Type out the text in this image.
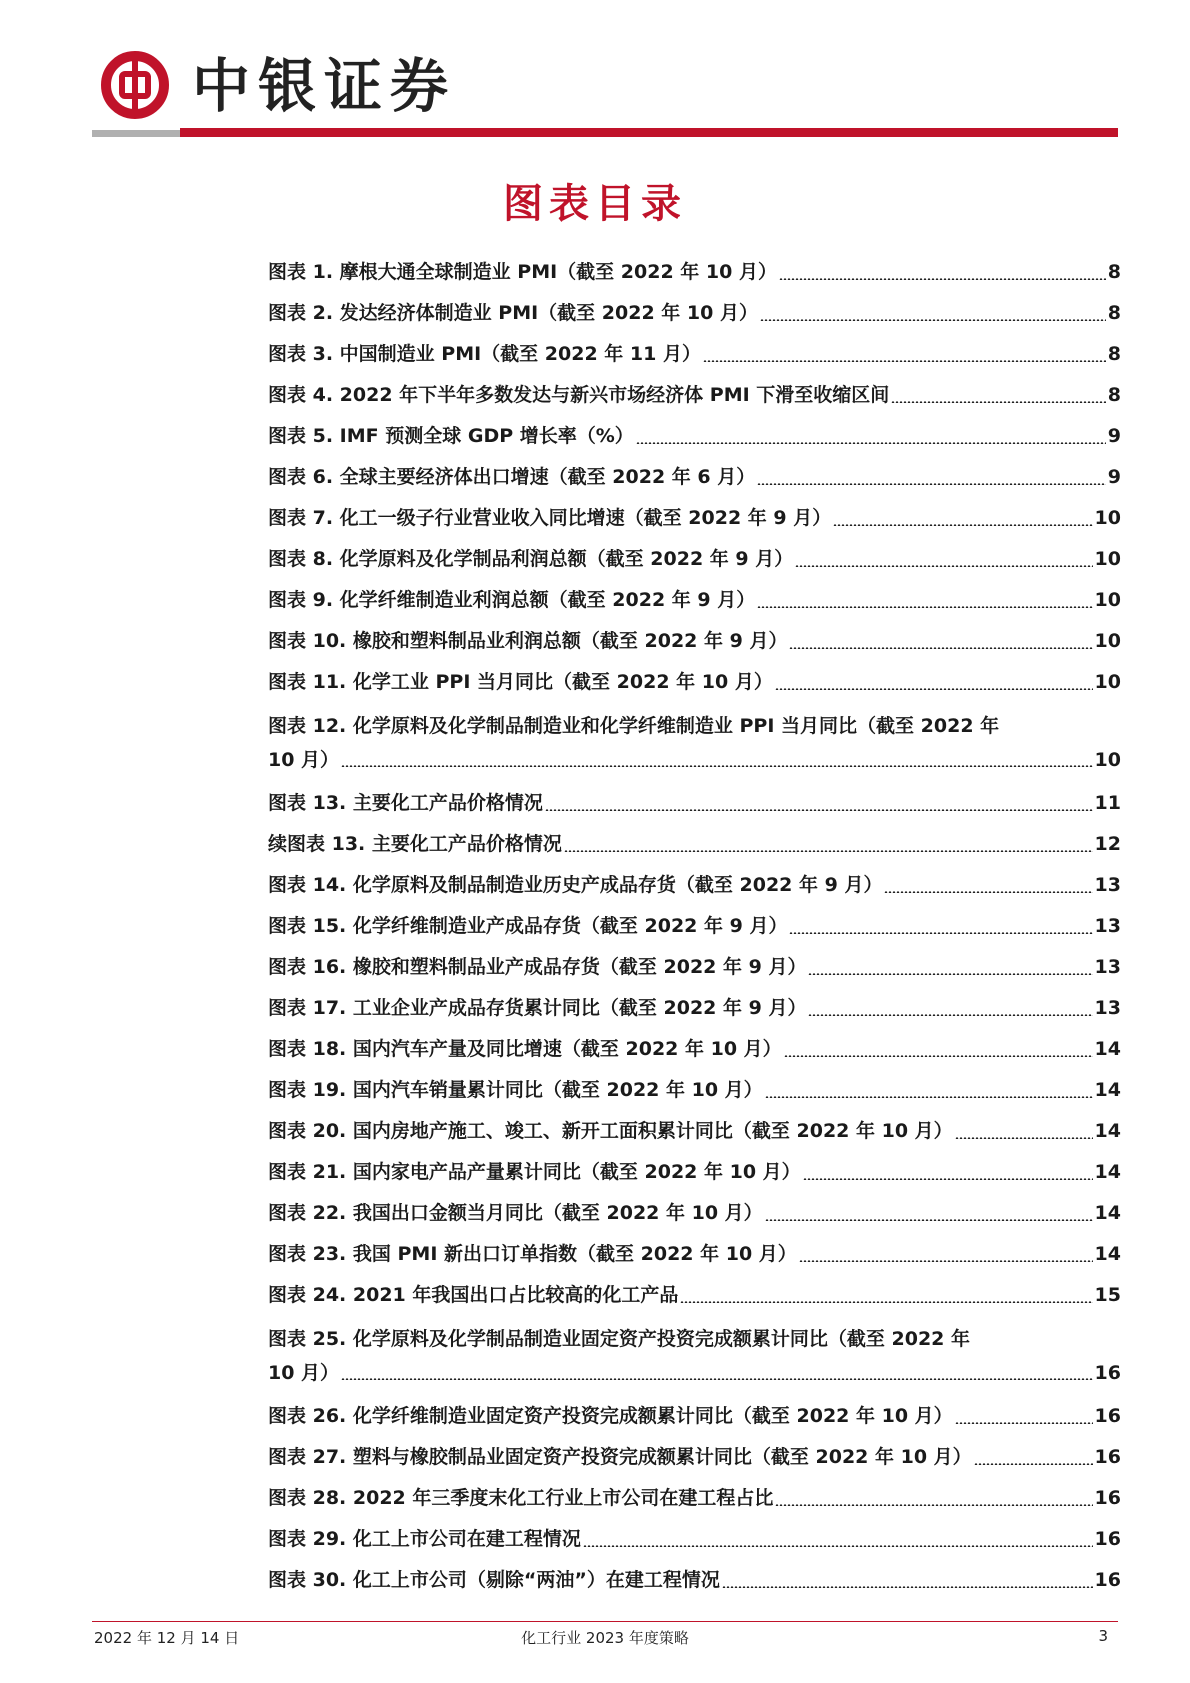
中银证券
图表目录
图表 1. 摩根大通全球制造业 PMI（截至 2022 年 10 月）	8
图表 2. 发达经济体制造业 PMI（截至 2022 年 10 月）	8
图表 3. 中国制造业 PMI（截至 2022 年 11 月）	8
图表 4. 2022 年下半年多数发达与新兴市场经济体 PMI 下滑至收缩区间	8
图表 5. IMF 预测全球 GDP 增长率（%）	9
图表 6. 全球主要经济体出口增速（截至 2022 年 6 月）	9
图表 7. 化工一级子行业营业收入同比增速（截至 2022 年 9 月）	10
图表 8. 化学原料及化学制品利润总额（截至 2022 年 9 月）	10
图表 9. 化学纤维制造业利润总额（截至 2022 年 9 月）	10
图表 10. 橡胶和塑料制品业利润总额（截至 2022 年 9 月）	10
图表 11. 化学工业 PPI 当月同比（截至 2022 年 10 月）	10
图表 12. 化学原料及化学制品制造业和化学纤维制造业 PPI 当月同比（截至 2022 年
10 月）	10
图表 13. 主要化工产品价格情况	11
续图表 13. 主要化工产品价格情况	12
图表 14. 化学原料及制品制造业历史产成品存货（截至 2022 年 9 月）	13
图表 15. 化学纤维制造业产成品存货（截至 2022 年 9 月）	13
图表 16. 橡胶和塑料制品业产成品存货（截至 2022 年 9 月）	13
图表 17. 工业企业产成品存货累计同比（截至 2022 年 9 月）	13
图表 18. 国内汽车产量及同比增速（截至 2022 年 10 月）	14
图表 19. 国内汽车销量累计同比（截至 2022 年 10 月）	14
图表 20. 国内房地产施工、竣工、新开工面积累计同比（截至 2022 年 10 月）	14
图表 21. 国内家电产品产量累计同比（截至 2022 年 10 月）	14
图表 22. 我国出口金额当月同比（截至 2022 年 10 月）	14
图表 23. 我国 PMI 新出口订单指数（截至 2022 年 10 月）	14
图表 24. 2021 年我国出口占比较高的化工产品	15
图表 25. 化学原料及化学制品制造业固定资产投资完成额累计同比（截至 2022 年
10 月）	16
图表 26. 化学纤维制造业固定资产投资完成额累计同比（截至 2022 年 10 月）	16
图表 27. 塑料与橡胶制品业固定资产投资完成额累计同比（截至 2022 年 10 月）	16
图表 28. 2022 年三季度末化工行业上市公司在建工程占比	16
图表 29. 化工上市公司在建工程情况	16
图表 30. 化工上市公司（剔除“两油”）在建工程情况	16
2022 年 12 月 14 日	化工行业 2023 年度策略	3
